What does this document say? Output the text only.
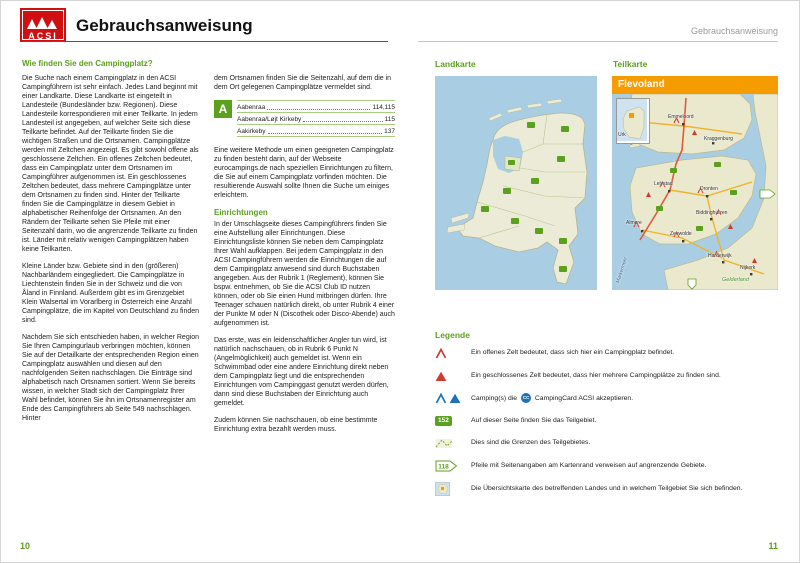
ACSI
Gebrauchsanweisung	Gebrauchsanweisung
Wie finden Sie den Campingplatz?

Die Suche nach einem Campingplatz in den ACSI Campingführern ist sehr einfach. Jedes Land beginnt mit einer Landkarte. Diese Landkarte ist eingeteilt in Landesteile (Bundesländer bzw. Regionen). Diese Landesteile korrespondieren mit einer Teilkarte. In jedem Landesteil ist angegeben, auf welcher Seite sich diese Teilkarte befindet. Auf der Teilkarte finden Sie die wichtigen Straßen und die Ortsnamen. Campingplätze werden mit Zeltchen angezeigt. Es gibt sowohl offene als geschlossene Zeltchen. Ein offenes Zeltchen bedeutet, dass ein Campingplatz unter dem Ortsnamen im Campingführer aufgenommen ist. Ein geschlossenes Zeltchen bedeutet, dass mehrere Campingplätze unter dem Ortsnamen zu finden sind. Hinter der Teilkarte finden Sie die Campingplätze in diesem Gebiet in alphabetischer Reihenfolge der Ortsnamen. An den Rändern der Teilkarte sehen Sie Pfeile mit einer Seitenzahl darin, wo die angrenzende Teilkarte zu finden ist. Länder mit relativ wenigen Campingplätzen haben keine Teilkarten.

Kleine Länder bzw. Gebiete sind in den (größeren) Nachbarländern eingegliedert. Die Campingplätze in Liechtenstein finden Sie in der Schweiz und die von Åland in Finnland. Außerdem gibt es im Grenzgebiet Klein Walsertal im Vorarlberg in Österreich eine Anzahl Campingplätze, die im Kapitel von Deutschland zu finden sind.

Nachdem Sie sich entschieden haben, in welcher Region Sie Ihren Campingurlaub verbringen möchten, können Sie auf der Detailkarte der entsprechenden Region einen Campingplatz auswählen und diesen auf den nachfolgenden Seiten nachschlagen. Die Einträge sind alphabetisch nach Ortsnamen sortiert. Wenn Sie bereits wissen, in welcher Stadt sich der Campingplatz Ihrer Wahl befindet, können Sie ihn im Ortsnamenregister am Ende des Campingführers ab Seite 549 nachschlagen. Hinter

dem Ortsnamen finden Sie die Seitenzahl, auf dem die in dem Ort gelegenen Campingplätze vermeldet sind.

A	Aabenraa	114,115
Aabenraa/Løjt Kirkeby	115
Aakirkeby	137

Eine weitere Methode um einen geeigneten Campingplatz zu finden besteht darin, auf der Webseite eurocampings.de nach speziellen Einrichtungen zu filtern, die Sie auf einem Campingplatz vorfinden möchten. Die resultierende Auswahl sollte Ihnen die Suche um einiges erleichtern.

Einrichtungen

In der Umschlagseite dieses Campingführers finden Sie eine Aufstellung aller Einrichtungen. Diese Einrichtungsliste können Sie neben dem Campingplatz Ihrer Wahl aufklappen. Bei jedem Campingplatz in den ACSI Campingführern werden die Einrichtungen die auf dem Campingplatz anwesend sind durch Buchstaben angegeben. Aus der Rubrik 1 (Reglement), können Sie bspw. entnehmen, ob Sie die ACSI Club ID nutzen können, oder ob Sie einen Hund mitbringen dürfen. Ihre Teenager schauen natürlich direkt, ob unter Rubrik 4 einer der Punkte M oder N (Discothek oder Disco-Abende) auch aufgenommen ist.

Das erste, was ein leidenschaftlicher Angler tun wird, ist natürlich nachschauen, ob in Rubrik 6 Punkt N (Angelmöglichkeit) auch gemeldet ist. Wenn ein Schwimmbad oder eine andere Einrichtung direkt neben dem Campingplatz liegt und die entsprechenden Einrichtungen vom Campinggast genutzt werden dürfen, dann sind diese Buchstaben der Einrichtung auch gemeldet.

Zudem können Sie nachschauen, ob eine bestimmte Einrichtung extra bezahlt werden muss.

10
Landkarte	Teilkarte
Flevoland
Emmeloord
Kraggenburg
Urk
Lelystad
Dronten
Biddinghuizen
Almere
Zeewolde
Harderwijk
Nijkerk
Gelderland
Markermeer
Legende
Ein offenes Zelt bedeutet, dass sich hier ein Campingplatz befindet.
Ein geschlossenes Zelt bedeutet, dass hier mehrere Campingplätze zu finden sind.
Camping(s) die CC CampingCard ACSI akzeptieren.
152	Auf dieser Seite finden Sie das Teilgebiet.
Dies sind die Grenzen des Teilgebietes.
118	Pfeile mit Seitenangaben am Kartenrand verweisen auf angrenzende Gebiete.
Die Übersichtskarte des betreffenden Landes und in welchem Teilgebiet Sie sich befinden.
11
